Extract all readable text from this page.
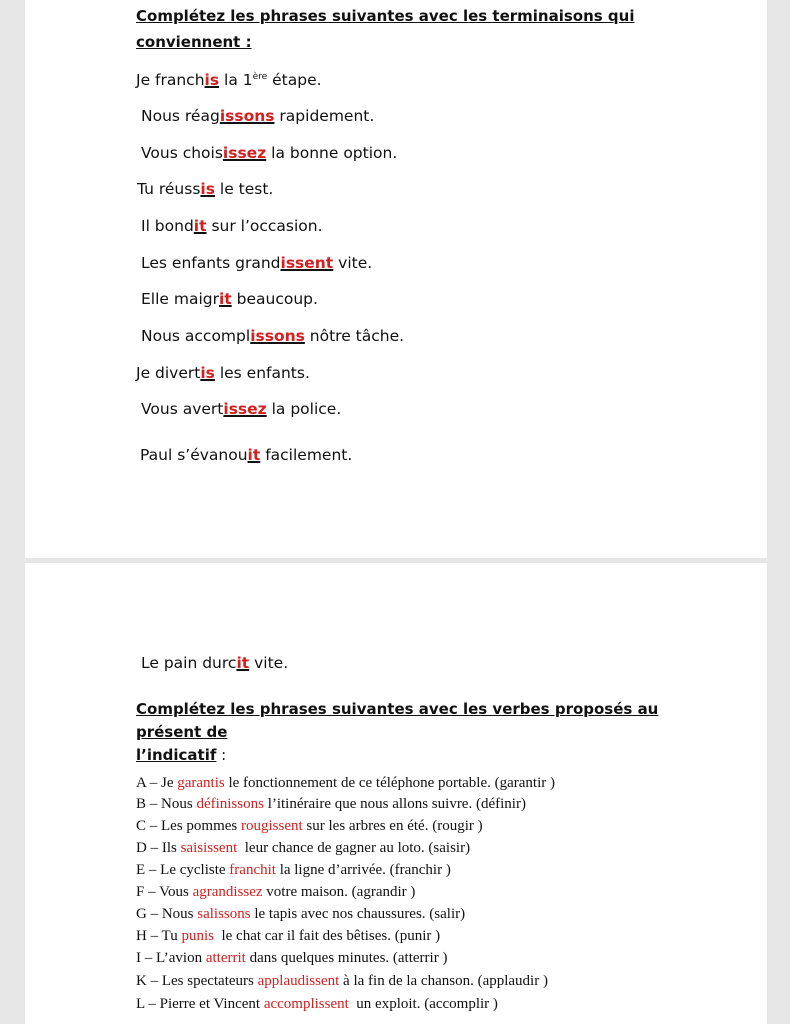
Complétez les phrases suivantes avec les terminaisons qui
conviennent :
Je franchis la 1ère étape.
Nous réagissons rapidement.
Vous choisissez la bonne option.
Tu réussis le test.
Il bondit sur l’occasion.
Les enfants grandissent vite.
Elle maigrit beaucoup.
Nous accomplissons nôtre tâche.
Je divertis les enfants.
Vous avertissez la police.
Paul s’évanouit facilement.
Le pain durcit vite.
Complétez les phrases suivantes avec les verbes proposés au
présent de
l’indicatif :
A – Je garantis le fonctionnement de ce téléphone portable. (garantir )
B – Nous définissons l’itinéraire que nous allons suivre. (définir)
C – Les pommes rougissent sur les arbres en été. (rougir )
D – Ils saisissent  leur chance de gagner au loto. (saisir)
E – Le cycliste franchit la ligne d’arrivée. (franchir )
F – Vous agrandissez votre maison. (agrandir )
G – Nous salissons le tapis avec nos chaussures. (salir)
H – Tu punis  le chat car il fait des bêtises. (punir )
I – L’avion atterrit dans quelques minutes. (atterrir )
K – Les spectateurs applaudissent à la fin de la chanson. (applaudir )
L – Pierre et Vincent accomplissent  un exploit. (accomplir )
